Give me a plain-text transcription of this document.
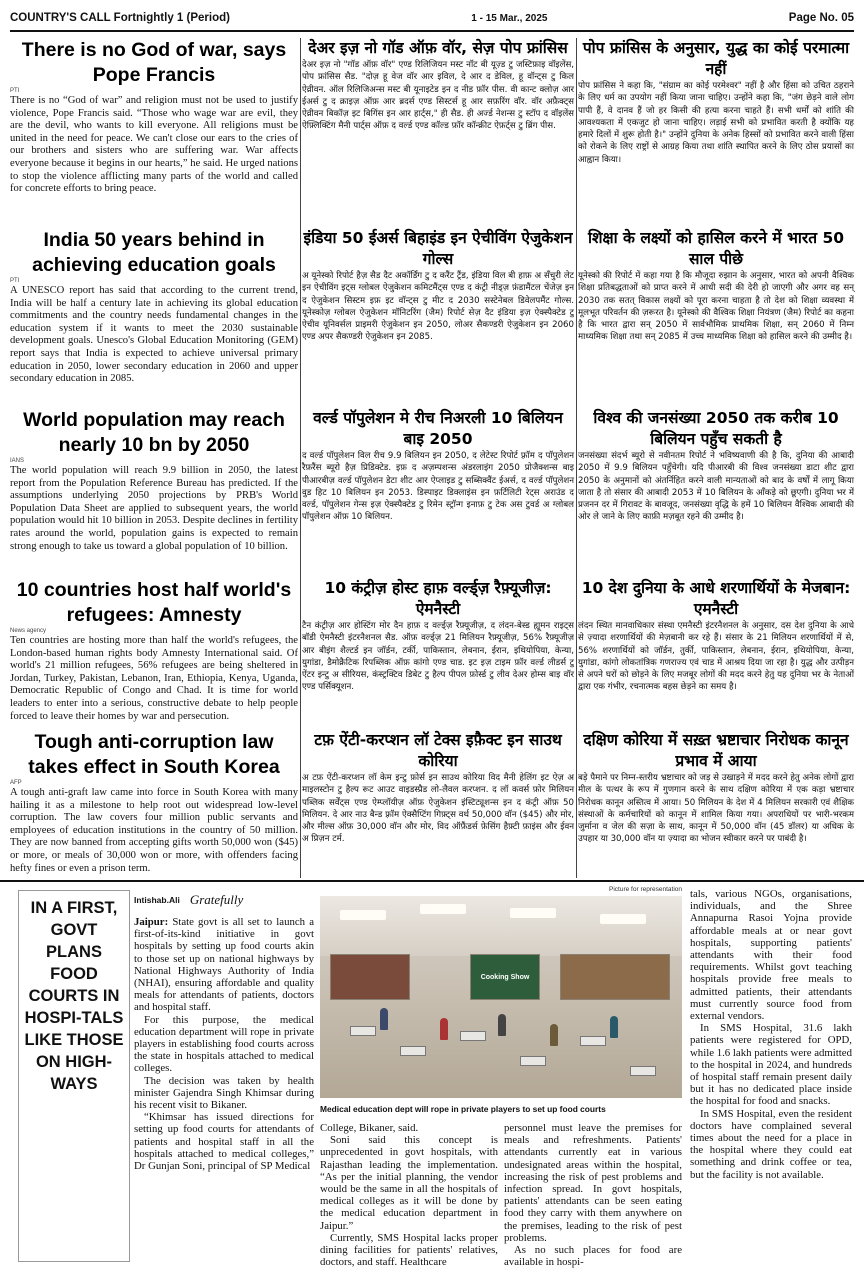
COUNTRY'S CALL Fortnightly 1 (Period)	1 - 15 Mar., 2025	Page No. 05
There is no God of war, says Pope Francis
PTI
There is no “God of war” and religion must not be used to justify violence, Pope Francis said. “Those who wage war are evil, they are the devil, who wants to kill everyone. All religions must be united in the need for peace. We can't close our ears to the cries of our brothers and sisters who are suffering war. War affects everyone because it begins in our hearts,” he said. He urged nations to stop the violence afflicting many parts of the world and called for concrete efforts to bring peace.
India 50 years behind in achieving education goals
PTI
A UNESCO report has said that according to the current trend, India will be half a century late in achieving its global education commitments and the country needs fundamental changes in the education system if it wants to meet the 2030 sustainable development goals. Unesco's Global Education Monitoring (GEM) report says that India is expected to achieve universal primary education in 2050, lower secondary education in 2060 and upper secondary education in 2085.
World population may reach nearly 10 bn by 2050
IANS
The world population will reach 9.9 billion in 2050, the latest report from the Population Reference Bureau has predicted. If the assumptions underlying 2050 projections by PRB's World Population Data Sheet are applied to subsequent years, the world population would hit 10 billion in 2053. Despite declines in fertility rates around the world, population gains is expected to remain strong enough to take us toward a global population of 10 billion.
10 countries host half world's refugees: Amnesty
News agency
Ten countries are hosting more than half the world's refugees, the London-based human rights body Amnesty International said. Of world's 21 million refugees, 56% refugees are being sheltered in Jordan, Turkey, Pakistan, Lebanon, Iran, Ethiopia, Kenya, Uganda, Democratic Republic of Congo and Chad. It is time for world leaders to enter into a serious, constructive debate to help people forced to leave their homes by war and persecution.
Tough anti-corruption law takes effect in South Korea
AFP
A tough anti-graft law came into force in South Korea with many hailing it as a milestone to help root out widespread low-level corruption. The law covers four million public servants and employees of education institutions in the country of 50 million. They are now banned from accepting gifts worth 50,000 won ($45) or more, or meals of 30,000 won or more, with offenders facing hefty fines or even a prison term.
देअर इज़ नो गॉड ऑफ़ वॉर, सेज़ पोप फ्रांसिस
देअर इज़ नो "गॉड ऑफ़ वॉर" एण्ड रिलिजियन मस्ट नॉट बी यूज़्ड टु जस्टिफ़ाइ वॉइलेंस, पोप फ्रांसिस सैड. "दोज़ हू वेज वॉर आर इविल, दे आर द डेविल, हू वॉन्ट्स टु किल ऐव्रीवन. ऑल रिलिजिअन्स मस्ट बी यूनाइटेड इन द नीड फ़ॉर पीस. वी कान्ट क्लोज़ आर ईअर्स टु द क्राइज़ ऑफ़ आर ब्रदर्स एण्ड सिस्टर्स हू आर सफ़रिंग वॉर. वॉर अफ़ैक्ट्स ऐव्रीवन बिकॉज़ इट बिगिंस इन आर हार्ट्स," ही सैड. ही अर्ज्ड नेशन्स टु स्टॉप द वॉइलेंस ऐफ़्लिक्टिंग मैनी पार्ट्स ऑफ़ द वर्ल्ड एण्ड कॉल्ड फ़ॉर कॉन्क्रीट ऐफ़र्ट्स टु ब्रिंग पीस.
इंडिया 50 ईअर्स बिहाइंड इन ऐचीविंग ऐजुकेशन गोल्स
अ यूनेस्को रिपोर्ट हैज़ सैड दैट अकॉर्डिंग टु द करैंट ट्रैंड, इंडिया विल बी हाफ़ अ सॅंचुरी लेट इन ऐचीविंग इट्स ग्लोबल ऐजुकेशन कमिटमैंट्स एण्ड द कंट्री नीड्ज़ फ़ंडामैंटल चेंजेज़ इन द ऐजुकेशन सिस्टम इफ़ इट वॉन्ट्स टु मीट द 2030 सस्टेनेबल डिवेलपमैंट गोल्स. यूनेस्कोज़ ग्लोबल ऐजुकेशन मॉनिटरिंग (जैम) रिपोर्ट सेज़ दैट इंडिया इज़ ऐक्स्पैक्टेड टु ऐचीव यूनिवर्सल प्राइमरी ऐजुकेशन इन 2050, लोअर सैकण्डरी ऐजुकेशन इन 2060 एण्ड अपर सैकण्डरी ऐजुकेशन इन 2085.
वर्ल्ड पॉपुलेशन मे रीच निअरली 10 बिलियन बाइ 2050
द वर्ल्ड पॉपुलेशन विल रीच 9.9 बिलियन इन 2050, द लेटेस्ट रिपोर्ट फ़्रॉम द पॉपुलेशन रैफ़रैंस ब्यूरो हैज़ प्रिडिक्टेड. इफ़ द अज़म्पशन्स अंडरलाइंग 2050 प्रोजैक्शन्स बाइ पीआरबीज़ वर्ल्ड पॉपुलेशन डेटा शीट आर ऐप्लाइड टु सब्सिक्वैंट ईअर्स, द वर्ल्ड पॉपुलेशन वुड हिट 10 बिलियन इन 2053. डिस्पाइट डिक्लाइंस इन फ़र्टिलिटी रेट्स अराउंड द वर्ल्ड, पॉपुलेशन गेन्स इज़ ऐक्स्पैक्टेड टु रिमेन स्ट्रॉन्ग इनाफ़ टु टेक अस टुवर्ड अ ग्लोबल पॉपुलेशन ऑफ़ 10 बिलियन.
10 कंट्रीज़ होस्ट हाफ़ वर्ल्ड्ज़ रैफ़्यूजीज़: ऐमनैस्टी
टैन कंट्रीज़ आर होस्टिंग मोर दैन हाफ़ द वर्ल्ड्ज़ रैफ़्यूजीज़, द लंदन-बेस्ड ह्यूमन राइट्स बॉडी ऐमनैस्टी इंटरनैशनल सैड. ऑफ़ वर्ल्ड्ज़ 21 मिलियन रैफ़्यूजीज़, 56% रैफ़्यूजीज़ आर बीइंग शैल्टर्ड इन जॉर्डन, टर्की, पाकिस्तान, लेबनान, ईरान, इथियोपिया, केन्या, युगांडा, डैमोक्रैटिक रिपब्लिक ऑफ़ कांगो एण्ड चाड. इट इज़ टाइम फ़ॉर वर्ल्ड लीडर्स टु ऐंटर इन्टु अ सीरियस, कंस्ट्रक्टिव डिबेट टु हैल्प पीपल फ़ोर्स्ड टु लीव देअर होम्स बाइ वॉर एण्ड पर्सिक्यूशन.
टफ़ ऐंटी-करप्शन लॉ टेक्स इफ़ैक्ट इन साउथ कोरिया
अ टफ़ ऐंटी-करप्शन लॉ केम इन्टु फ़ोर्स इन साउथ कोरिया विद मैनी हेलिंग इट ऐज़ अ माइलस्टोन टु हैल्प रूट आउट वाइडस्प्रैड लो-लैवल करप्शन. द लॉ कवर्स फ़ोर मिलियन पब्लिक सर्वेंट्स एण्ड ऐम्प्लॉयीज़ ऑफ़ ऐजुकेशन इंस्टिट्यूशन्स इन द कंट्री ऑफ़ 50 मिलियन. दे आर नाउ बैन्ड फ़्रॉम ऐक्सैप्टिंग गिफ़्ट्स वर्थ 50,000 वॉन ($45) और मोर, और मील्स ऑफ़ 30,000 वॉन और मोर, विद ऑफ़ैंडर्स फ़ेसिंग हैफ़्टी फ़ाइंस और ईवन अ प्रिज़न टर्म.
पोप फ्रांसिस के अनुसार, युद्ध का कोई परमात्मा नहीं
पोप फ्रांसिस ने कहा कि, "संग्राम का कोई परमेश्वर" नहीं है और हिंसा को उचित ठहराने के लिए धर्म का उपयोग नहीं किया जाना चाहिए। उन्होंने कहा कि, "जंग छेड़ने वाले लोग पापी हैं, वे दानव हैं जो हर किसी की हत्या करना चाहते हैं। सभी धर्मों को शांति की आवश्यकता में एकजुट हो जाना चाहिए। लड़ाई सभी को प्रभावित करती है क्योंकि यह हमारे दिलों में शुरू होती है।" उन्होंने दुनिया के अनेक हिस्सों को प्रभावित करने वाली हिंसा को रोकने के लिए राष्ट्रों से आग्रह किया तथा शांति स्थापित करने के लिए ठोस प्रयासों का आह्वान किया।
शिक्षा के लक्ष्यों को हासिल करने में भारत 50 साल पीछे
यूनेस्को की रिपोर्ट में कहा गया है कि मौजूदा रुझान के अनुसार, भारत को अपनी वैश्विक शिक्षा प्रतिबद्धताओं को प्राप्त करने में आधी सदी की देरी हो जाएगी और अगर वह सन् 2030 तक सतत् विकास लक्ष्यों को पूरा करना चाहता है तो देश को शिक्षा व्यवस्था में मूलभूत परिवर्तन की ज़रूरत है। यूनेस्को की वैश्विक शिक्षा नियंत्रण (जैम) रिपोर्ट का कहना है कि भारत द्वारा सन् 2050 में सार्वभौमिक प्राथमिक शिक्षा, सन् 2060 में निम्न माध्यमिक शिक्षा तथा सन् 2085 में उच्च माध्यमिक शिक्षा को हासिल करने की उम्मीद है।
विश्व की जनसंख्या 2050 तक करीब 10 बिलियन पहुँच सकती है
जनसंख्या संदर्भ ब्यूरो से नवीनतम रिपोर्ट ने भविष्यवाणी की है कि, दुनिया की आबादी 2050 में 9.9 बिलियन पहुँचेगी। यदि पीआरबी की विश्व जनसंख्या डाटा शीट द्वारा 2050 के अनुमानों को अंतर्निहित करने वाली मान्यताओं को बाद के वर्षों में लागू किया जाता है तो संसार की आबादी 2053 में 10 बिलियन के आँकड़े को छूएगी। दुनिया भर में प्रजनन दर में गिरावट के बावजूद, जनसंख्या वृद्धि के हमें 10 बिलियन वैश्विक आबादी की ओर ले जाने के लिए काफ़ी मज़बूत रहने की उम्मीद है।
10 देश दुनिया के आधे शरणार्थियों के मेजबान: एमनैस्टी
लंदन स्थित मानवाधिकार संस्था एमनैस्टी इंटरनैशनल के अनुसार, दस देश दुनिया के आधे से ज़्यादा शरणार्थियों की मेज़बानी कर रहे हैं। संसार के 21 मिलियन शरणार्थियों में से, 56% शरणार्थियों को जॉर्डन, तुर्की, पाकिस्तान, लेबनान, ईरान, इथियोपिया, केन्या, युगांडा, कांगो लोकतांत्रिक गणराज्य एवं चाड में आश्रय दिया जा रहा है। युद्ध और उत्पीड़न से अपने घरों को छोड़ने के लिए मजबूर लोगों की मदद करने हेतु यह दुनिया भर के नेताओं द्वारा एक गंभीर, रचनात्मक बहस छेड़ने का समय है।
दक्षिण कोरिया में सख़्त भ्रष्टाचार निरोधक कानून प्रभाव में आया
बड़े पैमाने पर निम्न-स्तरीय भ्रष्टाचार को जड़ से उखाड़ने में मदद करने हेतु अनेक लोगों द्वारा मील के पत्थर के रूप में गुणगान करने के साथ दक्षिण कोरिया में एक कड़ा भ्रष्टाचार निरोधक कानून अस्तित्व में आया। 50 मिलियन के देश में 4 मिलियन सरकारी एवं शैक्षिक संस्थाओं के कर्मचारियों को कानून में शामिल किया गया। अपराधियों पर भारी-भरकम जुर्माना व जेल की सज़ा के साथ, कानून में 50,000 वॉन (45 डॉलर) या अधिक के उपहार या 30,000 वॉन या ज़्यादा का भोजन स्वीकार करने पर पाबंदी है।
IN A FIRST, GOVT PLANS FOOD COURTS IN HOSPI-TALS LIKE THOSE ON HIGH-WAYS
Intishab.Ali Gratefully
Picture for representation
Cooking Show
Medical education dept will rope in private players to set up food courts
Jaipur: State govt is all set to launch a first-of-its-kind initiative in govt hospitals by setting up food courts akin to those set up on national highways by National Highways Authority of India (NHAI), ensuring affordable and quality meals for attendants of patients, doctors and hospital staff.
For this purpose, the medical education department will rope in private players in establishing food courts across the state in hospitals attached to medical colleges.
The decision was taken by health minister Gajendra Singh Khimsar during his recent visit to Bikaner.
“Khimsar has issued directions for setting up food courts for attendants of patients and hospital staff in all the hospitals attached to medical colleges,” Dr Gunjan Soni, principal of SP Medical
College, Bikaner, said.
Soni said this concept is unprecedented in govt hospitals, with Rajasthan leading the implementation. “As per the initial planning, the vendor would be the same in all the hospitals of medical colleges as it will be done by the medical education department in Jaipur.”
Currently, SMS Hospital lacks proper dining facilities for patients' relatives, doctors, and staff. Healthcare
personnel must leave the premises for meals and refreshments. Patients' attendants currently eat in various undesignated areas within the hospital, increasing the risk of pest problems and infection spread. In govt hospitals, patients' attendants can be seen eating food they carry with them anywhere on the premises, leading to the risk of pest problems.
As no such places for food are available in hospi-
tals, various NGOs, organisations, individuals, and the Shree Annapurna Rasoi Yojna provide affordable meals at or near govt hospitals, supporting patients' attendants with their food requirements. Whilst govt teaching hospitals provide free meals to admitted patients, their attendants must currently source food from external vendors.
In SMS Hospital, 31.6 lakh patients were registered for OPD, while 1.6 lakh patients were admitted to the hospital in 2024, and hundreds of hospital staff remain present daily but it has no dedicated place inside the hospital for food and snacks.
In SMS Hospital, even the resident doctors have complained several times about the need for a place in the hospital where they could eat something and drink coffee or tea, but the facility is not available.
